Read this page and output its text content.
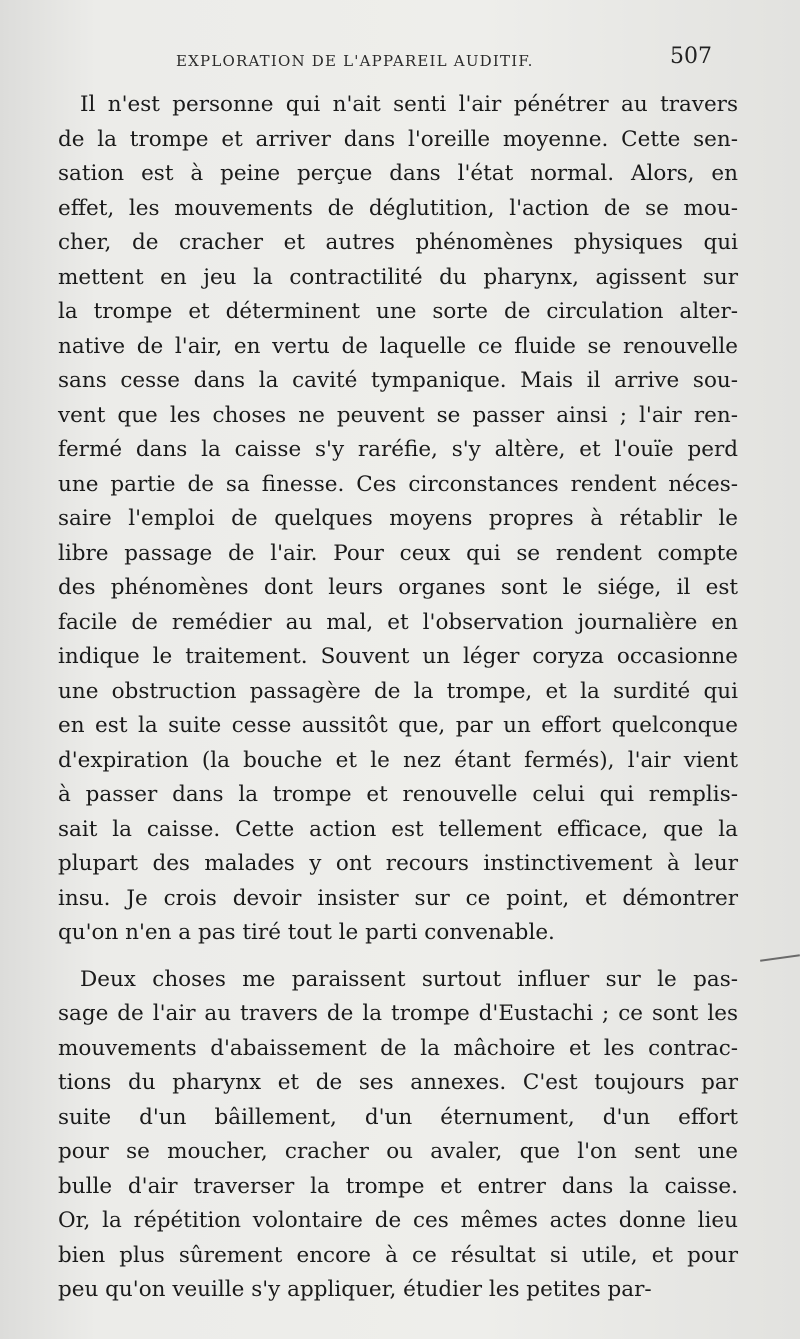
EXPLORATION DE L'APPAREIL AUDITIF.	507
Il n'est personne qui n'ait senti l'air pénétrer au travers
de la trompe et arriver dans l'oreille moyenne. Cette sen-
sation est à peine perçue dans l'état normal. Alors, en
effet, les mouvements de déglutition, l'action de se mou-
cher, de cracher et autres phénomènes physiques qui
mettent en jeu la contractilité du pharynx, agissent sur
la trompe et déterminent une sorte de circulation alter-
native de l'air, en vertu de laquelle ce fluide se renouvelle
sans cesse dans la cavité tympanique. Mais il arrive sou-
vent que les choses ne peuvent se passer ainsi ; l'air ren-
fermé dans la caisse s'y raréfie, s'y altère, et l'ouïe perd
une partie de sa finesse. Ces circonstances rendent néces-
saire l'emploi de quelques moyens propres à rétablir le
libre passage de l'air. Pour ceux qui se rendent compte
des phénomènes dont leurs organes sont le siége, il est
facile de remédier au mal, et l'observation journalière en
indique le traitement. Souvent un léger coryza occasionne
une obstruction passagère de la trompe, et la surdité qui
en est la suite cesse aussitôt que, par un effort quelconque
d'expiration (la bouche et le nez étant fermés), l'air vient
à passer dans la trompe et renouvelle celui qui remplis-
sait la caisse. Cette action est tellement efficace, que la
plupart des malades y ont recours instinctivement à leur
insu. Je crois devoir insister sur ce point, et démontrer
qu'on n'en a pas tiré tout le parti convenable.
Deux choses me paraissent surtout influer sur le pas-
sage de l'air au travers de la trompe d'Eustachi ; ce sont les
mouvements d'abaissement de la mâchoire et les contrac-
tions du pharynx et de ses annexes. C'est toujours par
suite d'un bâillement, d'un éternument, d'un effort
pour se moucher, cracher ou avaler, que l'on sent une
bulle d'air traverser la trompe et entrer dans la caisse.
Or, la répétition volontaire de ces mêmes actes donne lieu
bien plus sûrement encore à ce résultat si utile, et pour
peu qu'on veuille s'y appliquer, étudier les petites par-
